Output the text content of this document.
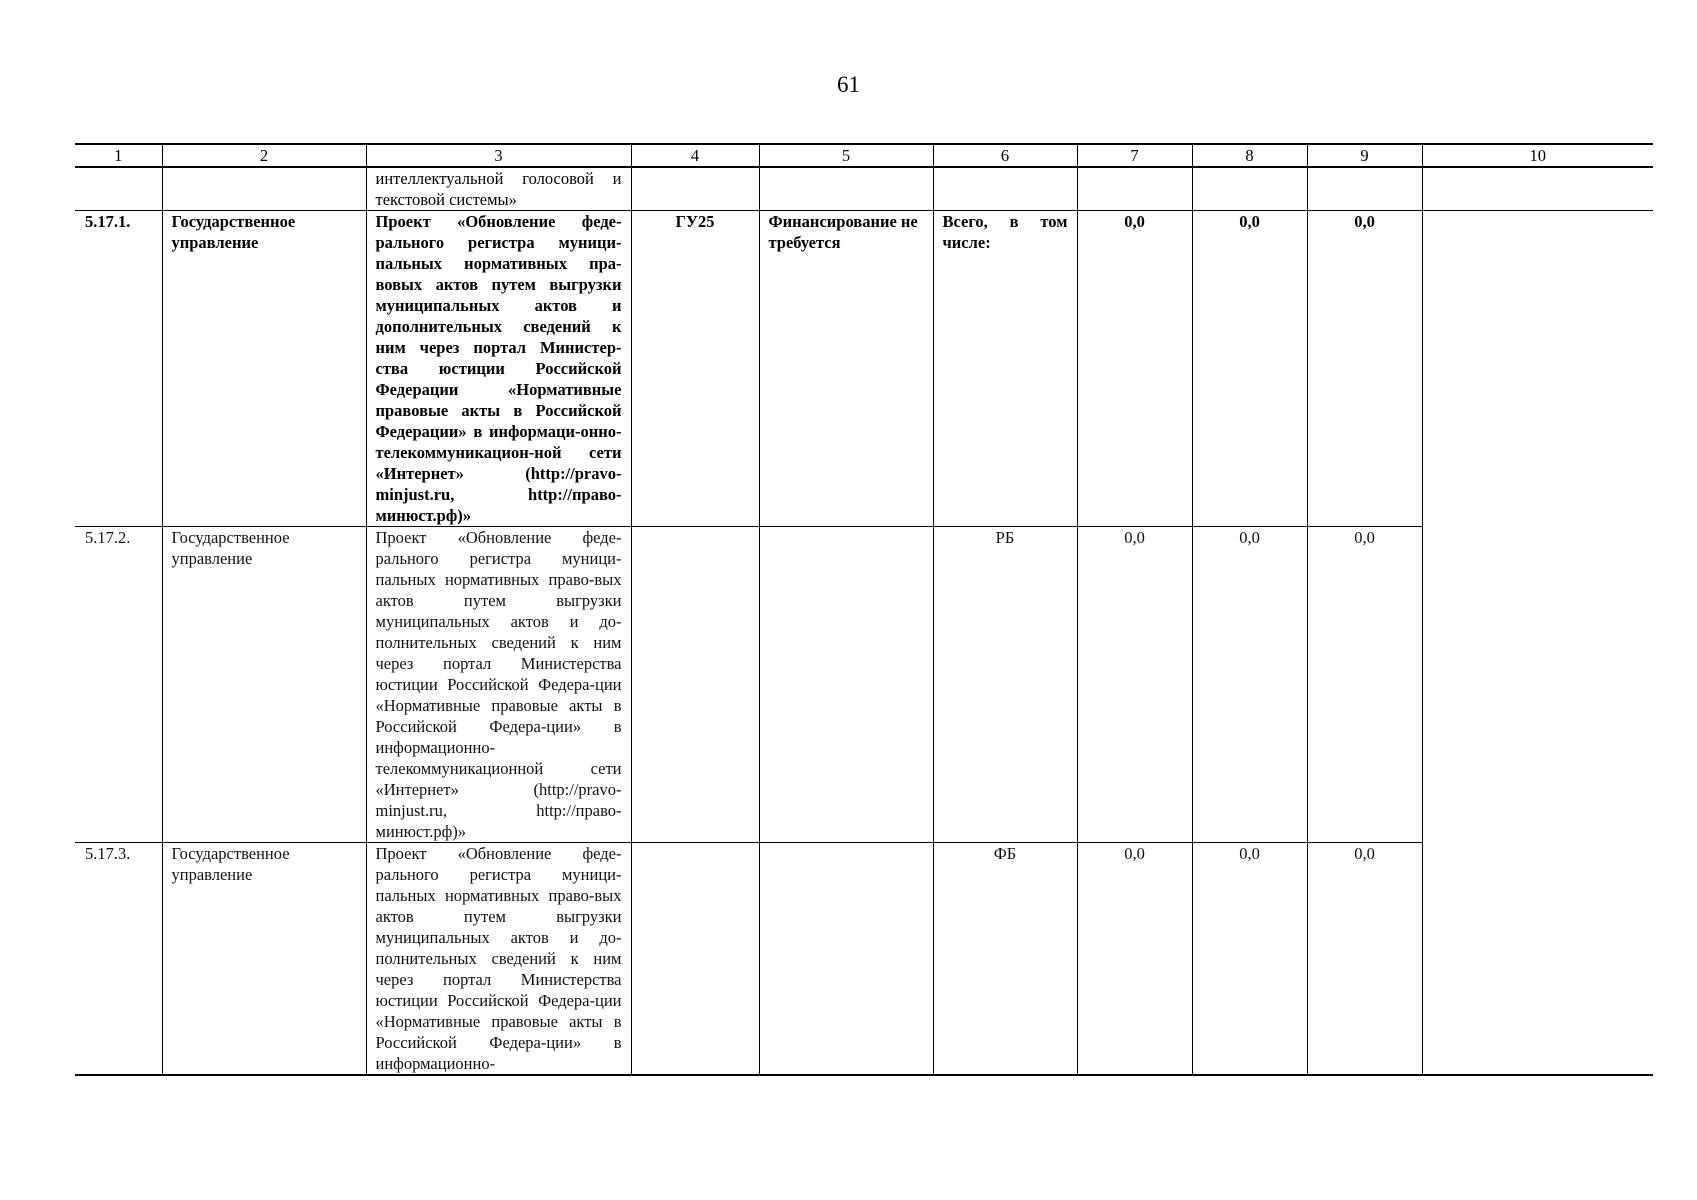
61
1	2	3	4	5	6	7	8	9	10
		интеллектуальной голосовой и текстовой системы»							
5.17.1.	Государственное управление	Проект «Обновление феде-рального регистра муници-пальных нормативных пра-вовых актов путем выгрузки муниципальных актов и дополнительных сведений к ним через портал Министер-ства юстиции Российской Федерации «Нормативные правовые акты в Российской Федерации» в информаци-онно-телекоммуникацион-ной сети «Интернет» (http://pravo-minjust.ru, http://право-минюст.рф)»	ГУ25	Финансирование не требуется	Всего, в том числе:	0,0	0,0	0,0	
5.17.2.	Государственное управление	Проект «Обновление феде-рального регистра муници-пальных нормативных право-вых актов путем выгрузки муниципальных актов и до-полнительных сведений к ним через портал Министерства юстиции Российской Федера-ции «Нормативные правовые акты в Российской Федера-ции» в информационно-телекоммуникационной сети «Интернет» (http://pravo-minjust.ru, http://право-минюст.рф)»			РБ	0,0	0,0	0,0	
5.17.3.	Государственное управление	Проект «Обновление феде-рального регистра муници-пальных нормативных право-вых актов путем выгрузки муниципальных актов и до-полнительных сведений к ним через портал Министерства юстиции Российской Федера-ции «Нормативные правовые акты в Российской Федера-ции» в информационно-			ФБ	0,0	0,0	0,0	
